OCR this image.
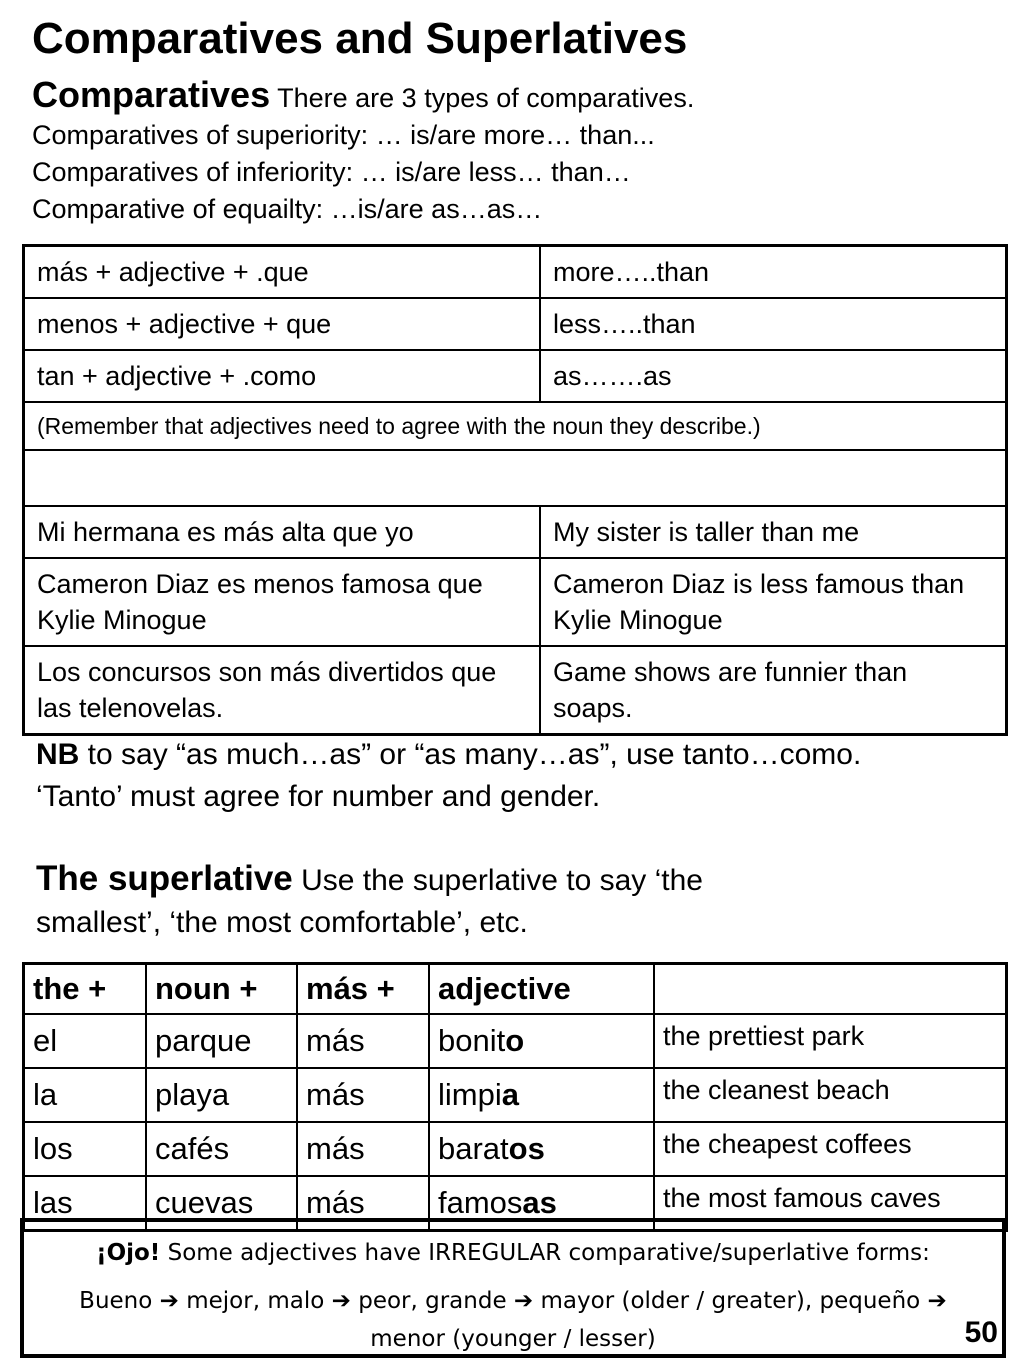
Comparatives and Superlatives
Comparatives There are 3 types of comparatives.
Comparatives of superiority: … is/are more… than...
Comparatives of inferiority: … is/are less… than…
Comparative of equailty: …is/are as…as…
más + adjective + .que	more…..than
menos + adjective + que	less…..than
tan + adjective + .como	as…….as
(Remember that adjectives need to agree with the noun they describe.)	

Mi hermana es más alta que yo	My sister is taller than me
Cameron Diaz es menos famosa que Kylie Minogue	Cameron Diaz is less famous than Kylie Minogue
Los concursos son más divertidos que las telenovelas.	Game shows are funnier than soaps.
NB to say “as much…as” or “as many…as”, use tanto…como.
‘Tanto’ must agree for number and gender.
The superlative Use the superlative to say ‘the
smallest’, ‘the most comfortable’, etc.
the +	noun +	más +	adjective	
el	parque	más	bonito	the prettiest park
la	playa	más	limpia	the cleanest beach
los	cafés	más	baratos	the cheapest coffees
las	cuevas	más	famosas	the most famous caves
¡Ojo! Some adjectives have IRREGULAR comparative/superlative forms:
Bueno ➔ mejor, malo ➔ peor, grande ➔ mayor (older / greater), pequeño ➔
menor (younger / lesser)	50
